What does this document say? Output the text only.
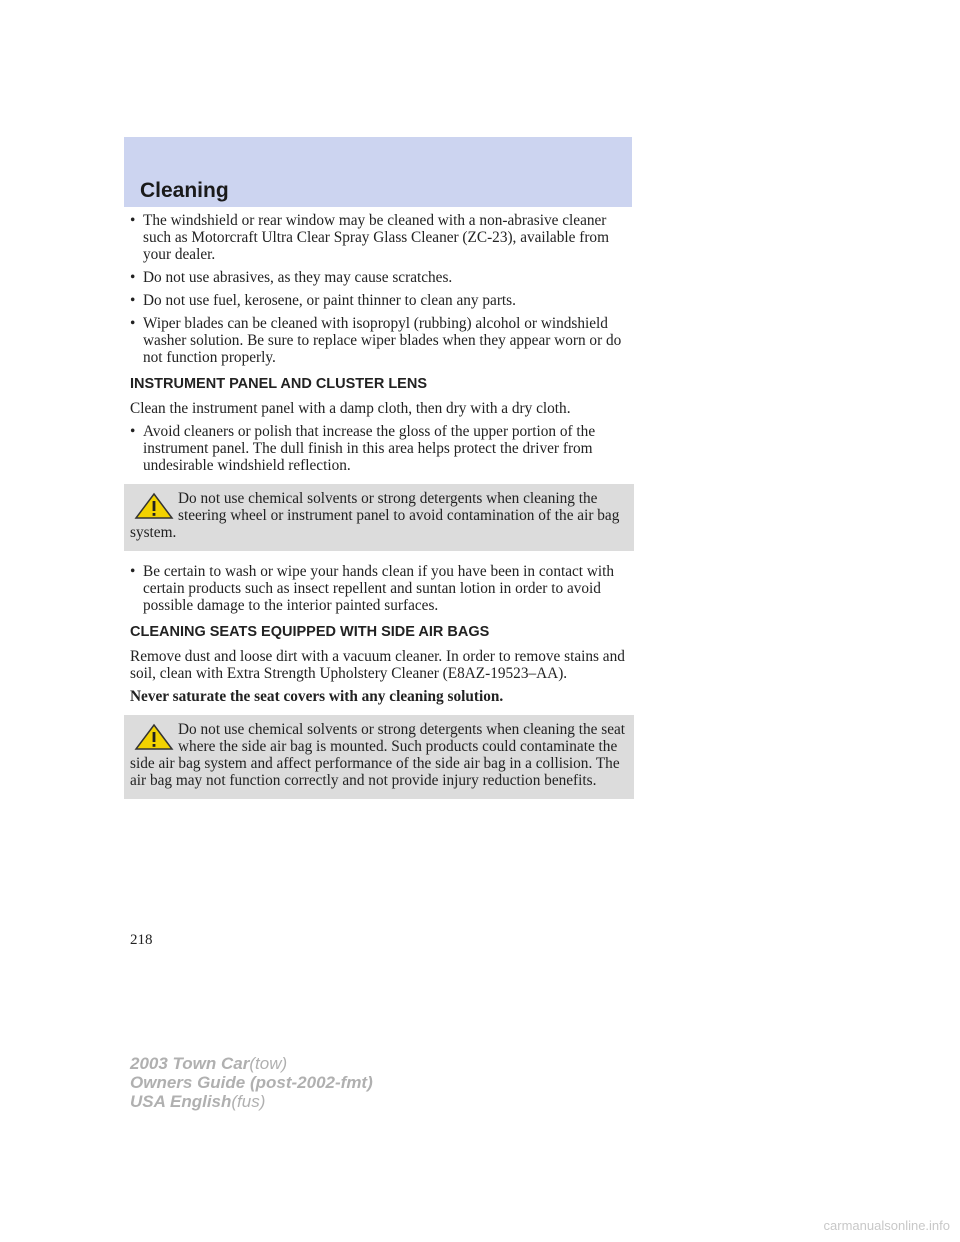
Cleaning
• The windshield or rear window may be cleaned with a non-abrasive cleaner such as Motorcraft Ultra Clear Spray Glass Cleaner (ZC-23), available from your dealer.
• Do not use abrasives, as they may cause scratches.
• Do not use fuel, kerosene, or paint thinner to clean any parts.
• Wiper blades can be cleaned with isopropyl (rubbing) alcohol or windshield washer solution. Be sure to replace wiper blades when they appear worn or do not function properly.
INSTRUMENT PANEL AND CLUSTER LENS

Clean the instrument panel with a damp cloth, then dry with a dry cloth.

• Avoid cleaners or polish that increase the gloss of the upper portion of the instrument panel. The dull finish in this area helps protect the driver from undesirable windshield reflection.

Do not use chemical solvents or strong detergents when cleaning the steering wheel or instrument panel to avoid contamination of the air bag system.

• Be certain to wash or wipe your hands clean if you have been in contact with certain products such as insect repellent and suntan lotion in order to avoid possible damage to the interior painted surfaces.
CLEANING SEATS EQUIPPED WITH SIDE AIR BAGS

Remove dust and loose dirt with a vacuum cleaner. In order to remove stains and soil, clean with Extra Strength Upholstery Cleaner (E8AZ-19523–AA).

Never saturate the seat covers with any cleaning solution.

Do not use chemical solvents or strong detergents when cleaning the seat where the side air bag is mounted. Such products could contaminate the side air bag system and affect performance of the side air bag in a collision. The air bag may not function correctly and not provide injury reduction benefits.

218
2003 Town Car(tow)
Owners Guide (post-2002-fmt)
USA English(fus)
carmanualsonline.info
